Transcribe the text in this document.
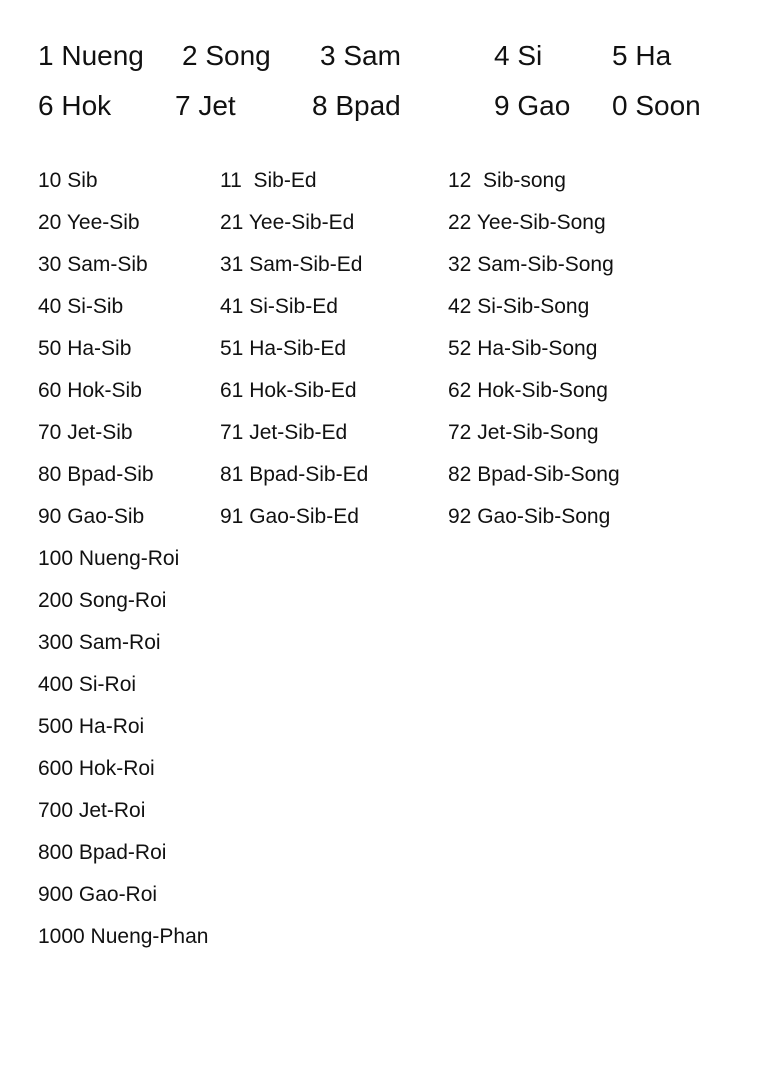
1 Nueng 2 Song 3 Sam	4 Si 5 Ha
6 Hok 7 Jet	8 Bpad	9 Gao 0 Soon
10 Sib	11  Sib-Ed	12  Sib-song
20 Yee-Sib	21 Yee-Sib-Ed	22 Yee-Sib-Song
30 Sam-Sib	31 Sam-Sib-Ed	32 Sam-Sib-Song
40 Si-Sib	41 Si-Sib-Ed	42 Si-Sib-Song
50 Ha-Sib	51 Ha-Sib-Ed	52 Ha-Sib-Song
60 Hok-Sib	61 Hok-Sib-Ed	62 Hok-Sib-Song
70 Jet-Sib	71 Jet-Sib-Ed	72 Jet-Sib-Song
80 Bpad-Sib	81 Bpad-Sib-Ed	82 Bpad-Sib-Song
90 Gao-Sib	91 Gao-Sib-Ed	92 Gao-Sib-Song
100 Nueng-Roi
200 Song-Roi
300 Sam-Roi
400 Si-Roi
500 Ha-Roi
600 Hok-Roi
700 Jet-Roi
800 Bpad-Roi
900 Gao-Roi
1000 Nueng-Phan
